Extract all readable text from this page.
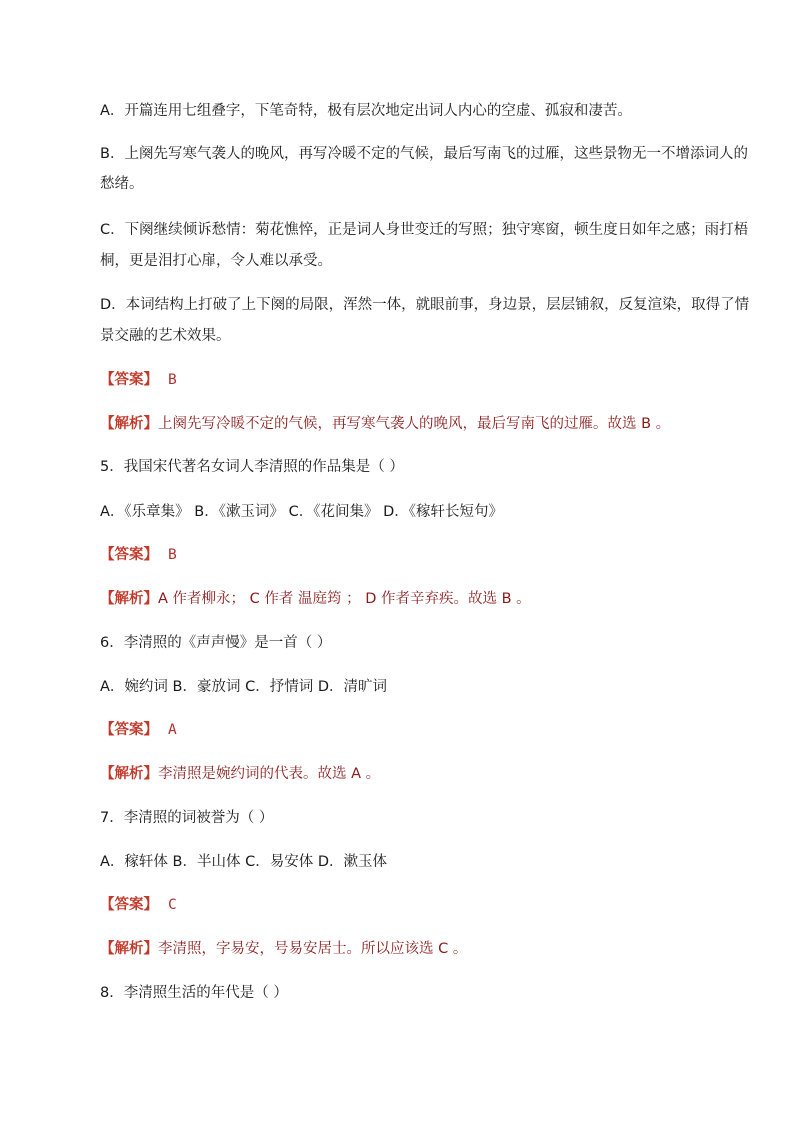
A．开篇连用七组叠字，下笔奇特，极有层次地定出词人内心的空虚、孤寂和凄苦。
B．上阕先写寒气袭人的晚风，再写冷暖不定的气候，最后写南飞的过雁，这些景物无一不增添词人的
愁绪。
C．下阕继续倾诉愁情：菊花憔悴，正是词人身世变迁的写照；独守寒窗，顿生度日如年之感；雨打梧
桐，更是泪打心扉，令人难以承受。
D．本词结构上打破了上下阕的局限，浑然一体，就眼前事，身边景，层层铺叙，反复渲染，取得了情
景交融的艺术效果。
【答案】 B
【解析】上阕先写冷暖不定的气候，再写寒气袭人的晚风，最后写南飞的过雁。故选 B 。
5．我国宋代著名女词人李清照的作品集是（ ）
A．《乐章集》 B．《漱玉词》 C．《花间集》 D．《稼轩长短句》
【答案】 B
【解析】A 作者柳永； C 作者 温庭筠 ； D 作者辛弃疾。故选 B 。
6．李清照的《声声慢》是一首（ ）
A．婉约词 B．豪放词 C．抒情词 D．清旷词
【答案】 A
【解析】李清照是婉约词的代表。故选 A 。
7．李清照的词被誉为（ ）
A．稼轩体 B．半山体 C．易安体 D．漱玉体
【答案】 C
【解析】李清照，字易安，号易安居士。所以应该选 C 。
8．李清照生活的年代是（ ）
